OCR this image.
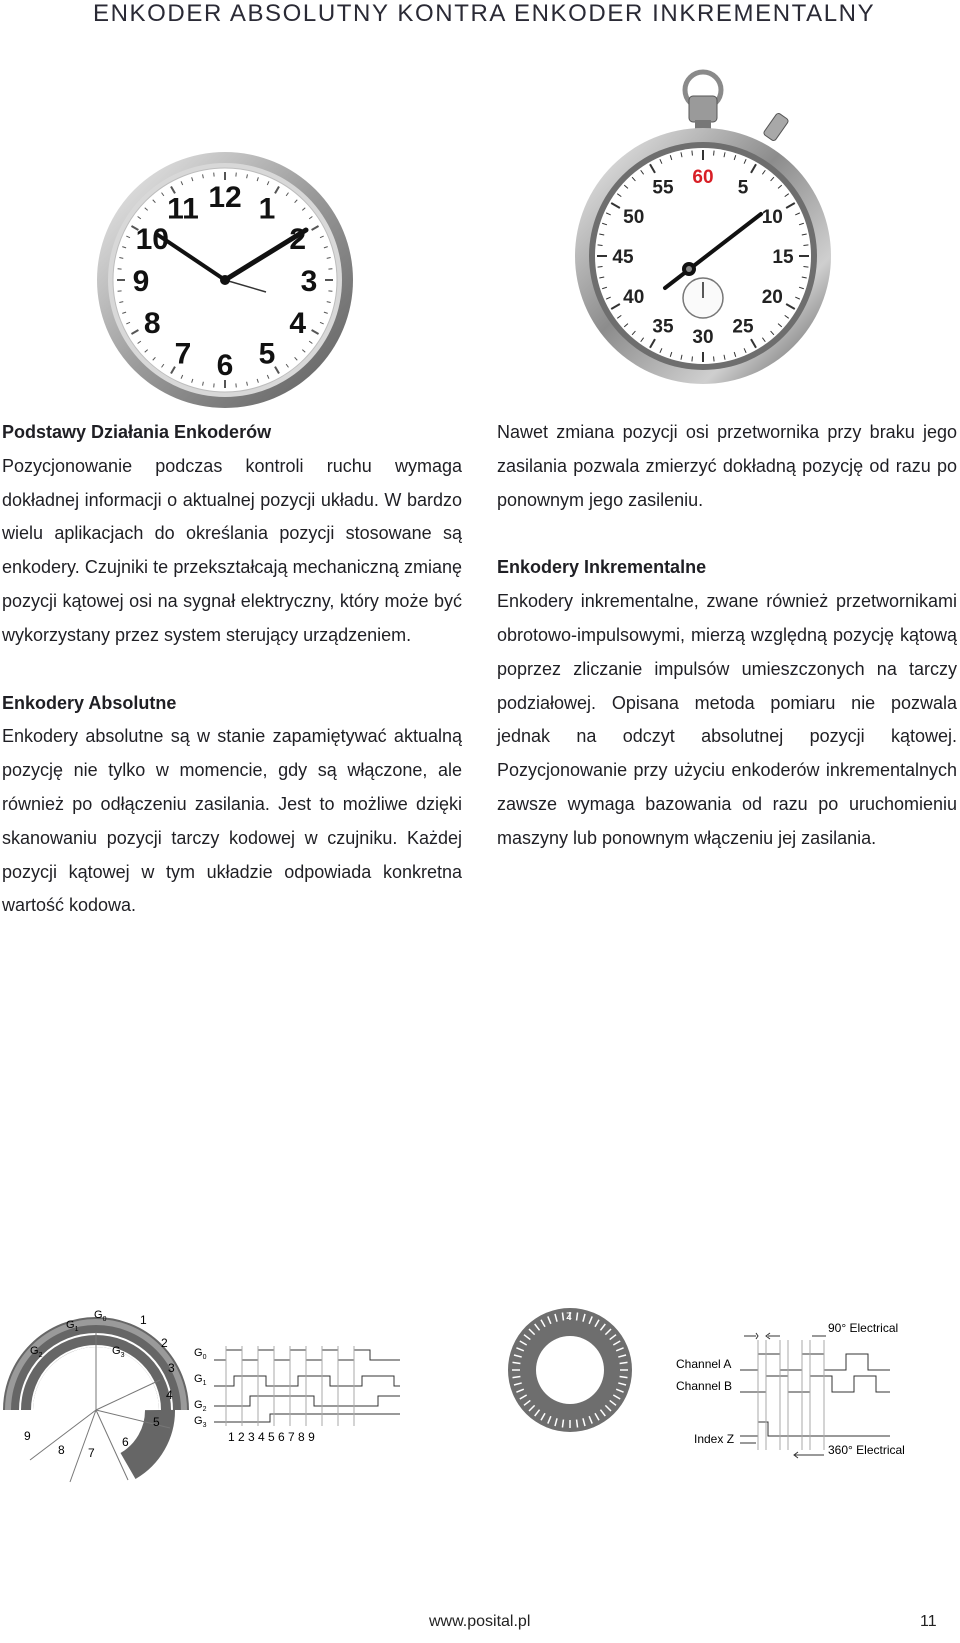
ENKODER ABSOLUTNY KONTRA ENKODER INKREMENTALNY
12 1
2
3
4
5
6
7
8
9
10
11
60
5
10
15
20
25
30
35
40
45
50
55
Podstawy Działania Enkoderów

Pozycjonowanie podczas kontroli ruchu wymaga dokładnej informacji o aktualnej pozycji układu. W bardzo wielu aplikacjach do określania pozycji stosowane są enkodery. Czujniki te przekształcają mechaniczną zmianę pozycji kątowej osi na sygnał elektryczny, który może być wykorzystany przez system sterujący urządzeniem.

Enkodery Absolutne

Enkodery absolutne są w stanie zapamiętywać aktualną pozycję nie tylko w momencie, gdy są włączone, ale również po odłączeniu zasilania. Jest to możliwe dzięki skanowaniu pozycji tarczy kodowej w czujniku. Każdej pozycji kątowej w tym układzie odpowiada konkretna wartość kodowa.

Nawet zmiana pozycji osi przetwornika przy braku jego zasilania pozwala zmierzyć dokładną pozycję od razu po ponownym jego zasileniu.

Enkodery Inkrementalne

Enkodery inkrementalne, zwane również przetwornikami obrotowo-impulsowymi, mierzą względną pozycję kątową poprzez zliczanie impulsów umieszczonych na tarczy podziałowej. Opisana metoda pomiaru nie pozwala jednak na odczyt absolutnej pozycji kątowej. Pozycjonowanie przy użyciu enkoderów inkrementalnych zawsze wymaga bazowania od razu po uruchomieniu maszyny lub ponownym włączeniu jej zasilania.

1
2
3
4
5
6
7
8
9
$G_0$
$G_1$
$G_2$	$G_3$	$G_0$
$G_1$
$G_2$
$G_3$
1 2 3 4 5 6 7 8 9
z
Channel A
Channel B
Index Z
90° Electrical
360° Electrical
www.posital.pl	11
